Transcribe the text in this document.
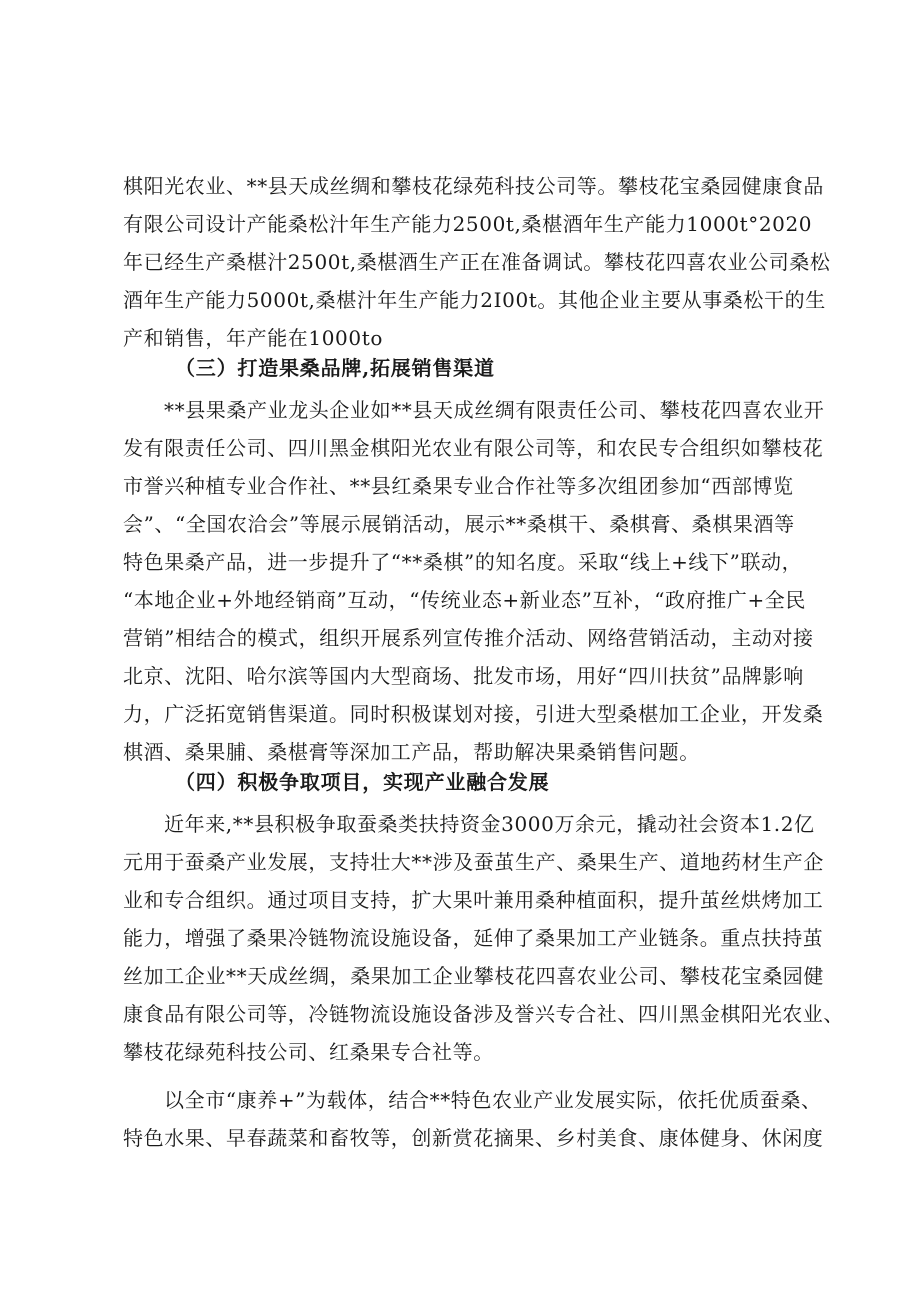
棋阳光农业、**县天成丝绸和攀枝花绿苑科技公司等。攀枝花宝桑园健康食品
有限公司设计产能桑松汁年生产能力2500t,桑椹酒年生产能力1000t°2020
年已经生产桑椹汁2500t,桑椹酒生产正在准备调试。攀枝花四喜农业公司桑松
酒年生产能力5000t,桑椹汁年生产能力2I00t。其他企业主要从事桑松干的生
产和销售，年产能在1000to
（三）打造果桑品牌,拓展销售渠道
**县果桑产业龙头企业如**县天成丝绸有限责任公司、攀枝花四喜农业开
发有限责任公司、四川黑金棋阳光农业有限公司等，和农民专合组织如攀枝花
市誉兴种植专业合作社、**县红桑果专业合作社等多次组团参加“西部博览
会”、“全国农洽会”等展示展销活动，展示**桑棋干、桑棋膏、桑棋果酒等
特色果桑产品，进一步提升了“**桑棋”的知名度。采取“线上+线下”联动，
“本地企业+外地经销商”互动，“传统业态+新业态”互补，“政府推广+全民
营销”相结合的模式，组织开展系列宣传推介活动、网络营销活动，主动对接
北京、沈阳、哈尔滨等国内大型商场、批发市场，用好“四川扶贫”品牌影响
力，广泛拓宽销售渠道。同时积极谋划对接，引进大型桑椹加工企业，开发桑
棋酒、桑果脯、桑椹膏等深加工产品，帮助解决果桑销售问题。
（四）积极争取项目，实现产业融合发展
近年来,**县积极争取蚕桑类扶持资金3000万余元，撬动社会资本1.2亿
元用于蚕桑产业发展，支持壮大**涉及蚕茧生产、桑果生产、道地药材生产企
业和专合组织。通过项目支持，扩大果叶兼用桑种植面积，提升茧丝烘烤加工
能力，增强了桑果冷链物流设施设备，延伸了桑果加工产业链条。重点扶持茧
丝加工企业**天成丝绸，桑果加工企业攀枝花四喜农业公司、攀枝花宝桑园健
康食品有限公司等，冷链物流设施设备涉及誉兴专合社、四川黑金棋阳光农业、
攀枝花绿苑科技公司、红桑果专合社等。
以全市“康养+”为载体，结合**特色农业产业发展实际，依托优质蚕桑、
特色水果、早春蔬菜和畜牧等，创新赏花摘果、乡村美食、康体健身、休闲度
